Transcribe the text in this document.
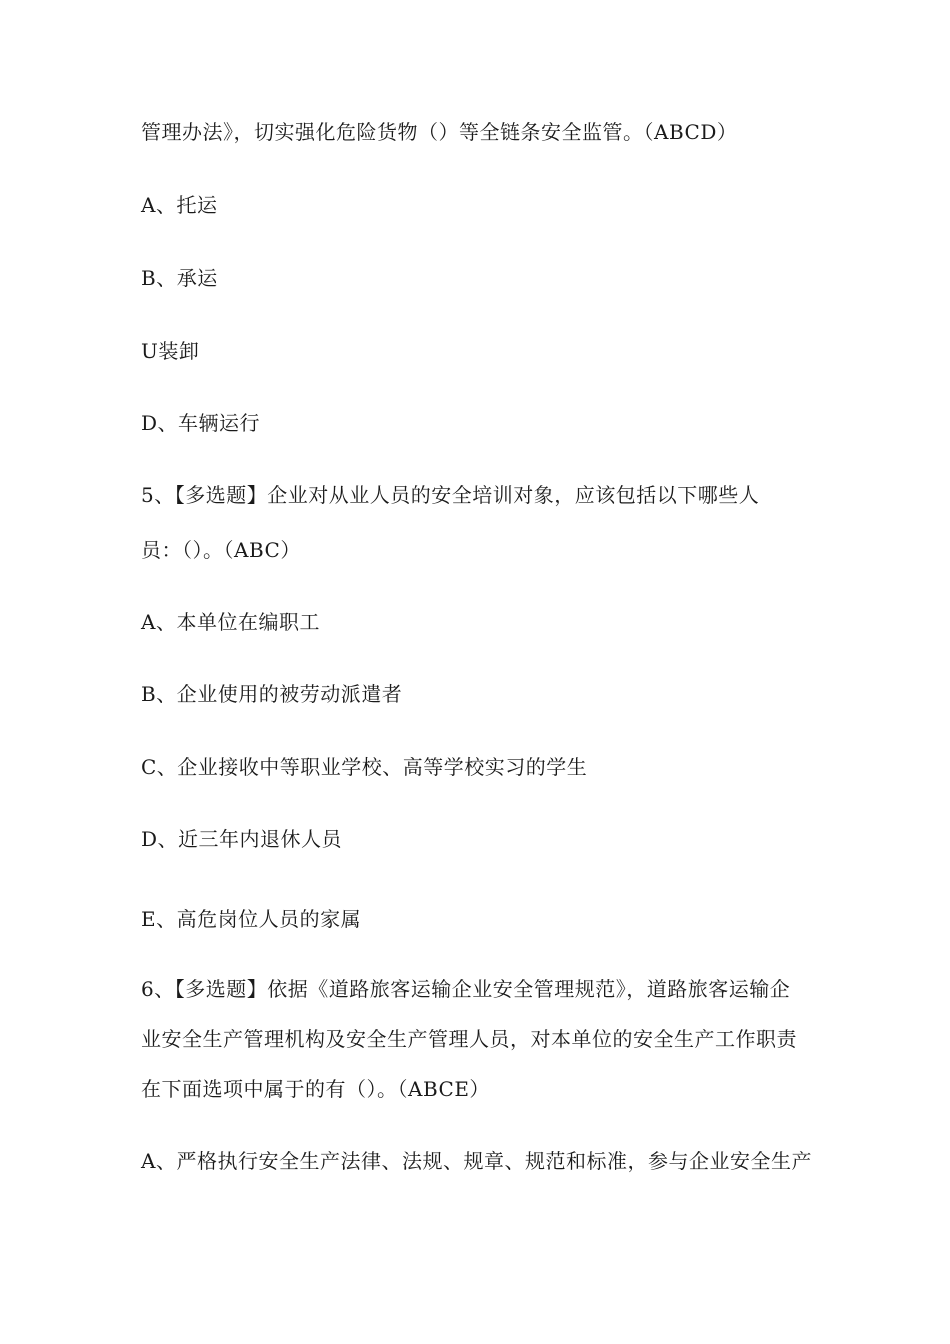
管理办法》，切实强化危险货物（）等全链条安全监管。（ABCD）
A、托运
B、承运
U装卸
D、车辆运行
5、【多选题】企业对从业人员的安全培训对象，应该包括以下哪些人
员：（）。（ABC）
A、本单位在编职工
B、企业使用的被劳动派遣者
C、企业接收中等职业学校、高等学校实习的学生
D、近三年内退休人员
E、高危岗位人员的家属
6、【多选题】依据《道路旅客运输企业安全管理规范》，道路旅客运输企
业安全生产管理机构及安全生产管理人员，对本单位的安全生产工作职责
在下面选项中属于的有（）。（ABCE）
A、严格执行安全生产法律、法规、规章、规范和标准，参与企业安全生产
